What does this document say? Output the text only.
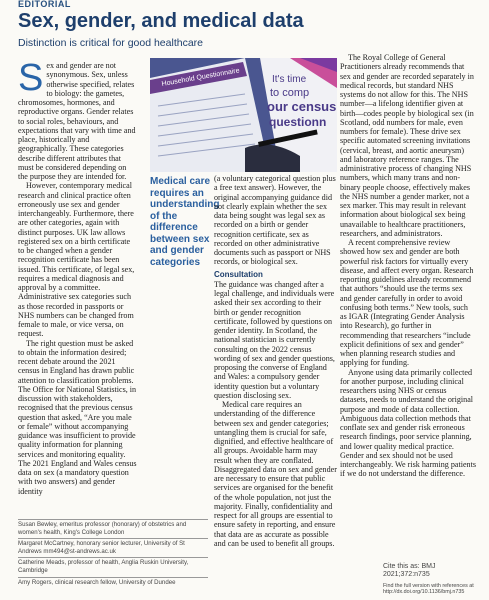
EDITORIAL
Sex, gender, and medical data
Distinction is critical for good healthcare

Sex and gender are not synonymous. Sex, unless otherwise specified, relates to biology: the gametes, chromosomes, hormones, and reproductive organs. Gender relates to social roles, behaviours, and expectations that vary with time and place, historically and geographically. These categories describe different attributes that must be considered depending on the purpose they are intended for.

However, contemporary medical research and clinical practice often erroneously use sex and gender interchangeably. Furthermore, there are other categories, again with distinct purposes. UK law allows registered sex on a birth certificate to be changed when a gender recognition certificate has been issued. This certificate, of legal sex, requires a medical diagnosis and approval by a committee. Administrative sex categories such as those recorded in passports or NHS numbers can be changed from female to male, or vice versa, on request.

The right question must be asked to obtain the information desired; recent debate around the 2021 census in England has drawn public attention to classification problems. The Office for National Statistics, in discussion with stakeholders, recognised that the previous census question that asked, “Are you male or female” without accompanying guidance was insufficient to provide quality information for planning services and monitoring equality. The 2021 England and Wales census data on sex (a mandatory question with two answers) and gender identity

Household Questionnaire	It's time
to comp
our census
questionn
Medical care requires an understanding of the difference between sex and gender categories

(a voluntary categorical question plus a free text answer). However, the original accompanying guidance did not clearly explain whether the sex data being sought was legal sex as recorded on a birth or gender recognition certificate, sex as recorded on other administrative documents such as passport or NHS records, or biological sex.

Consultation

The guidance was changed after a legal challenge, and individuals were asked their sex according to their birth or gender recognition certificate, followed by questions on gender identity. In Scotland, the national statistician is currently consulting on the 2022 census wording of sex and gender questions, proposing the converse of England and Wales: a compulsory gender identity question but a voluntary question disclosing sex.

Medical care requires an understanding of the difference between sex and gender categories; untangling them is crucial for safe, dignified, and effective healthcare of all groups. Avoidable harm may result when they are conflated. Disaggregated data on sex and gender are necessary to ensure that public services are organised for the benefit of the whole population, not just the majority. Finally, confidentiality and respect for all groups are essential to ensure safety in reporting, and ensure that data are as accurate as possible and can be used to benefit all groups.

The Royal College of General Practitioners already recommends that sex and gender are recorded separately in medical records, but standard NHS systems do not allow for this. The NHS number—a lifelong identifier given at birth—codes people by biological sex (in Scotland, odd numbers for male, even numbers for female). These drive sex specific automated screening invitations (cervical, breast, and aortic aneurysm) and laboratory reference ranges. The administrative process of changing NHS numbers, which many trans and non-binary people choose, effectively makes the NHS number a gender marker, not a sex marker. This may result in relevant information about biological sex being unavailable to healthcare practitioners, researchers, and administrators.

A recent comprehensive review showed how sex and gender are both powerful risk factors for virtually every disease, and affect every organ. Research reporting guidelines already recommend that authors “should use the terms sex and gender carefully in order to avoid confusing both terms.” New tools, such as IGAR (Integrating Gender Analysis into Research), go further in recommending that researchers “include explicit definitions of sex and gender” when planning research studies and applying for funding.

Anyone using data primarily collected for another purpose, including clinical researchers using NHS or census datasets, needs to understand the original purpose and mode of data collection. Ambiguous data collection methods that conflate sex and gender risk erroneous research findings, poor service planning, and lower quality medical practice. Gender and sex should not be used interchangeably. We risk harming patients if we do not understand the difference.

Susan Bewley, emeritus professor (honorary) of obstetrics and women's health, King's College London
Margaret McCartney, honorary senior lecturer, University of St Andrews mm494@st-andrews.ac.uk
Catherine Meads, professor of health, Anglia Ruskin University, Cambridge
Amy Rogers, clinical research fellow, University of Dundee
Cite this as: BMJ 2021;372:n735
Find the full version with references at http://dx.doi.org/10.1136/bmj.n735
